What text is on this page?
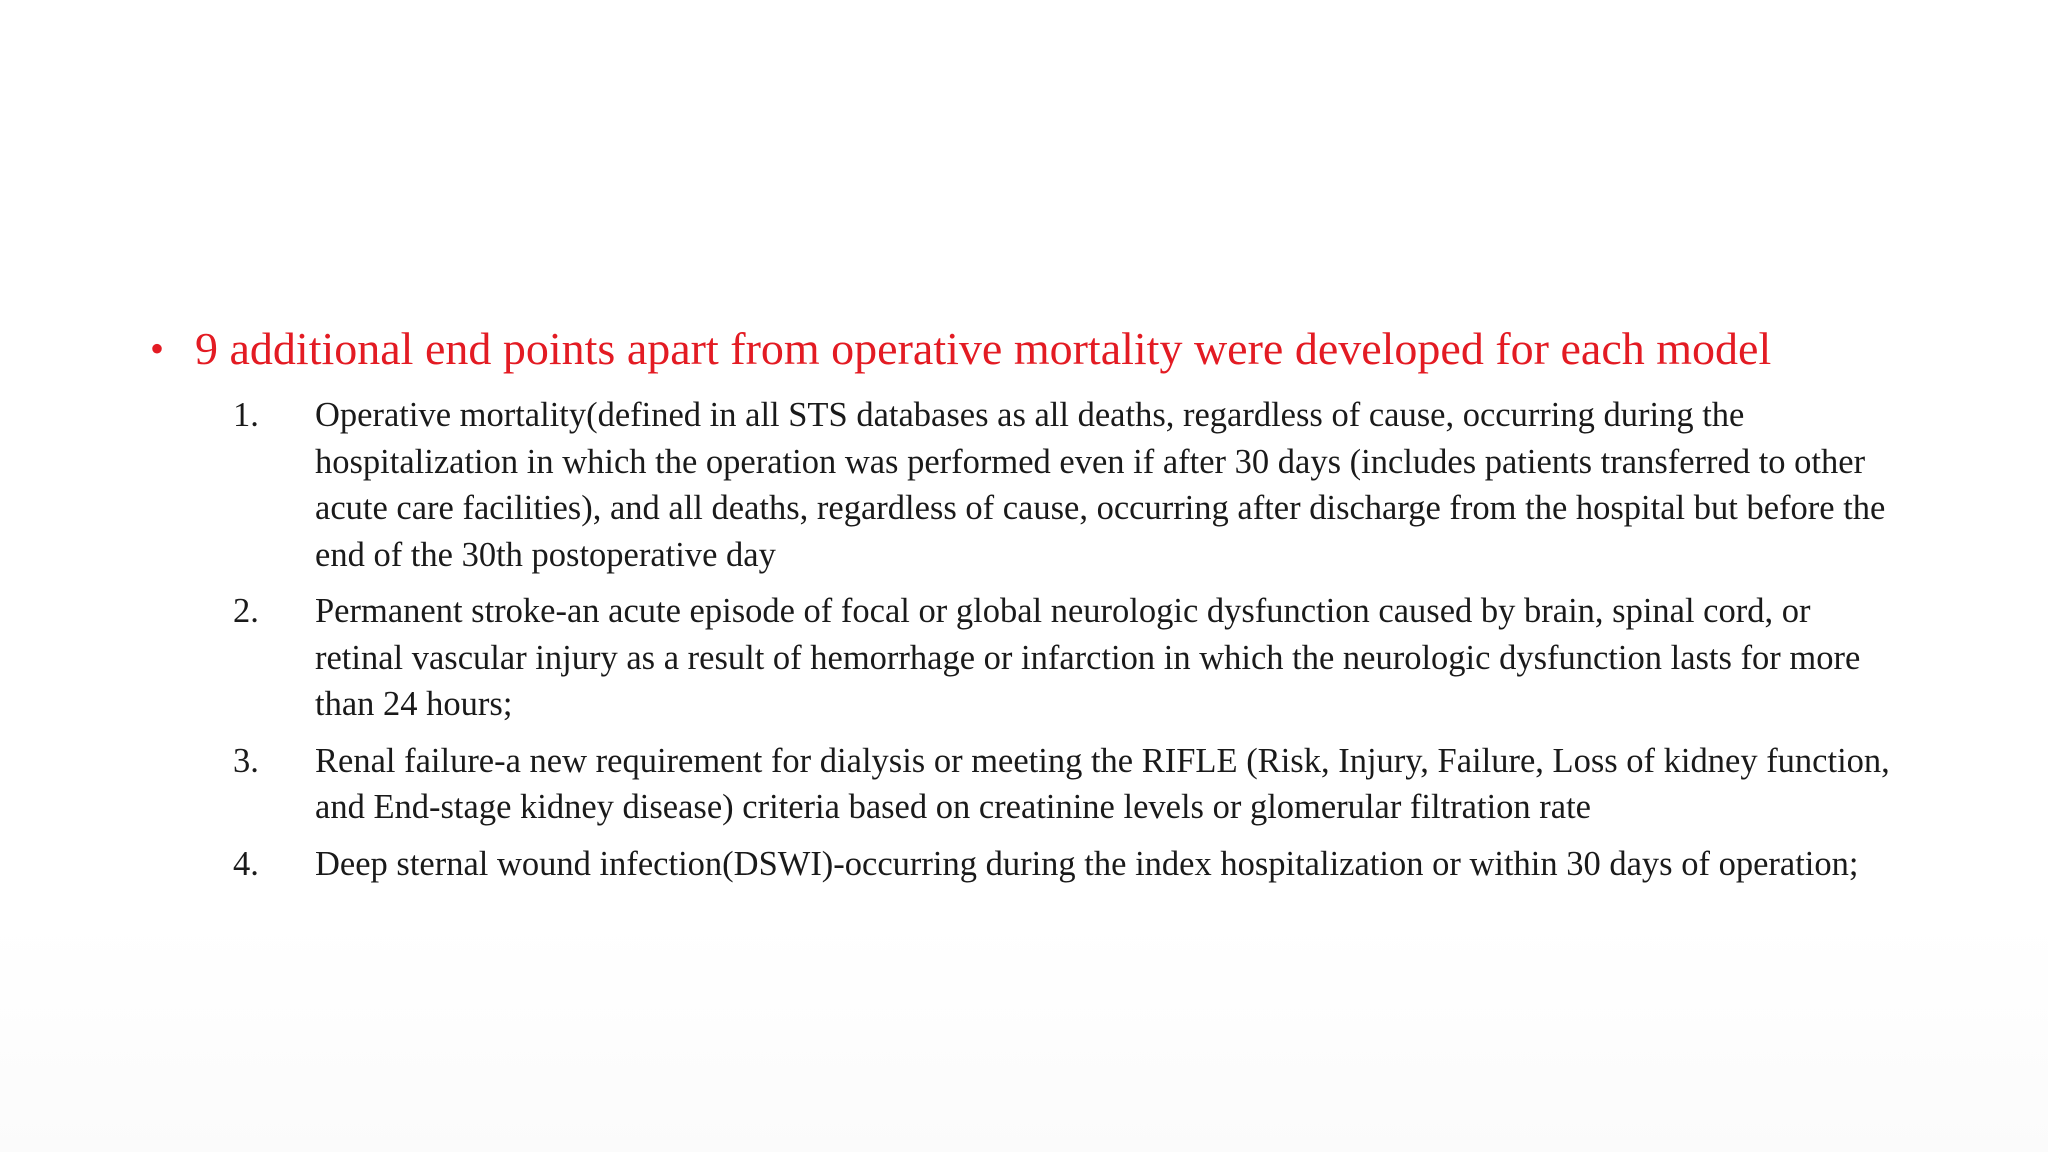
• 9 additional end points apart from operative mortality were developed for each model
1.	Operative mortality(defined in all STS databases as all deaths, regardless of cause, occurring during the hospitalization in which the operation was performed even if after 30 days (includes patients transferred to other acute care facilities), and all deaths, regardless of cause, occurring after discharge from the hospital but before the end of the 30th postoperative day
2.	Permanent stroke-an acute episode of focal or global neurologic dysfunction caused by brain, spinal cord, or retinal vascular injury as a result of hemorrhage or infarction in which the neurologic dysfunction lasts for more than 24 hours;
3.	Renal failure-a new requirement for dialysis or meeting the RIFLE (Risk, Injury, Failure, Loss of kidney function, and End-stage kidney disease) criteria based on creatinine levels or glomerular filtration rate
4.	Deep sternal wound infection(DSWI)-occurring during the index hospitalization or within 30 days of operation;
